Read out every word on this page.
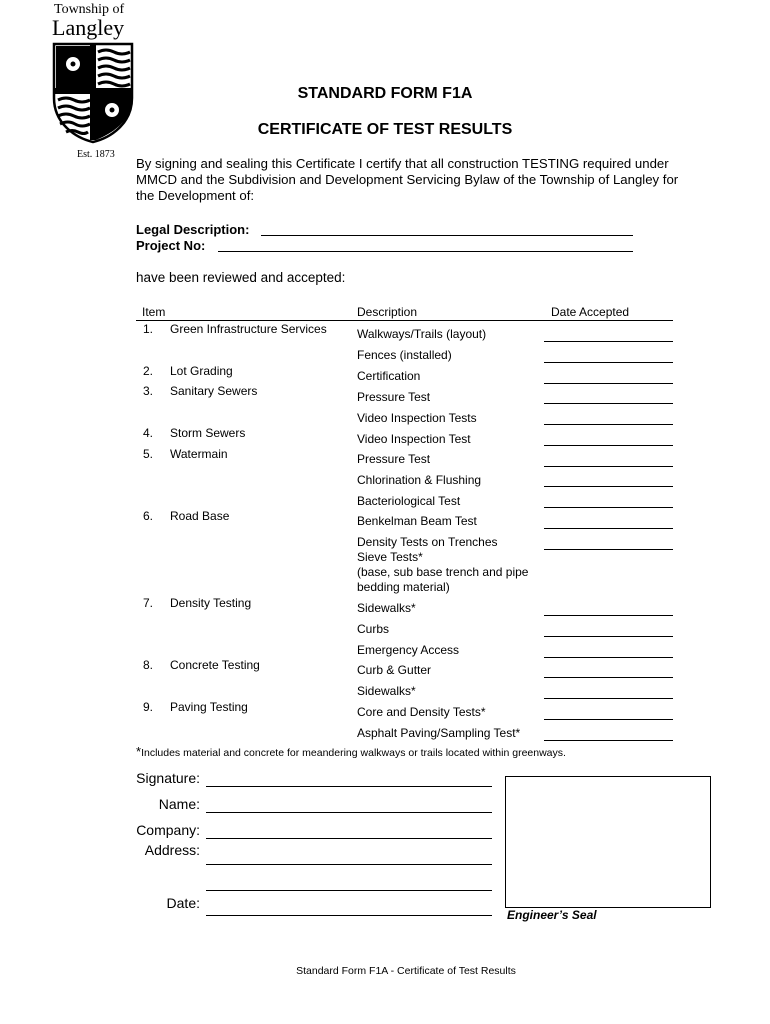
Township of
Langley
Est. 1873
STANDARD FORM F1A
CERTIFICATE OF TEST RESULTS
By signing and sealing this Certificate I certify that all construction TESTING required under MMCD and the Subdivision and Development Servicing Bylaw of the Township of Langley for the Development of:
Legal Description:
Project No:
have been reviewed and accepted:
Item	Description	Date Accepted
1. Green Infrastructure Services
2. Lot Grading
3. Sanitary Sewers
4. Storm Sewers
5. Watermain
6. Road Base
7. Density Testing
8. Concrete Testing
9. Paving Testing
Walkways/Trails (layout)
Fences (installed)
Certification
Pressure Test
Video Inspection Tests
Video Inspection Test
Pressure Test
Chlorination & Flushing
Bacteriological Test
Benkelman Beam Test
Density Tests on Trenches
Sieve Tests*
(base, sub base trench and pipe
bedding material)
Sidewalks*
Curbs
Emergency Access
Curb & Gutter
Sidewalks*
Core and Density Tests*
Asphalt Paving/Sampling Test*
*Includes material and concrete for meandering walkways or trails located within greenways.
Signature:
Name:
Company:
Address:
Date:
Engineer’s Seal
Standard Form F1A - Certificate of Test Results
